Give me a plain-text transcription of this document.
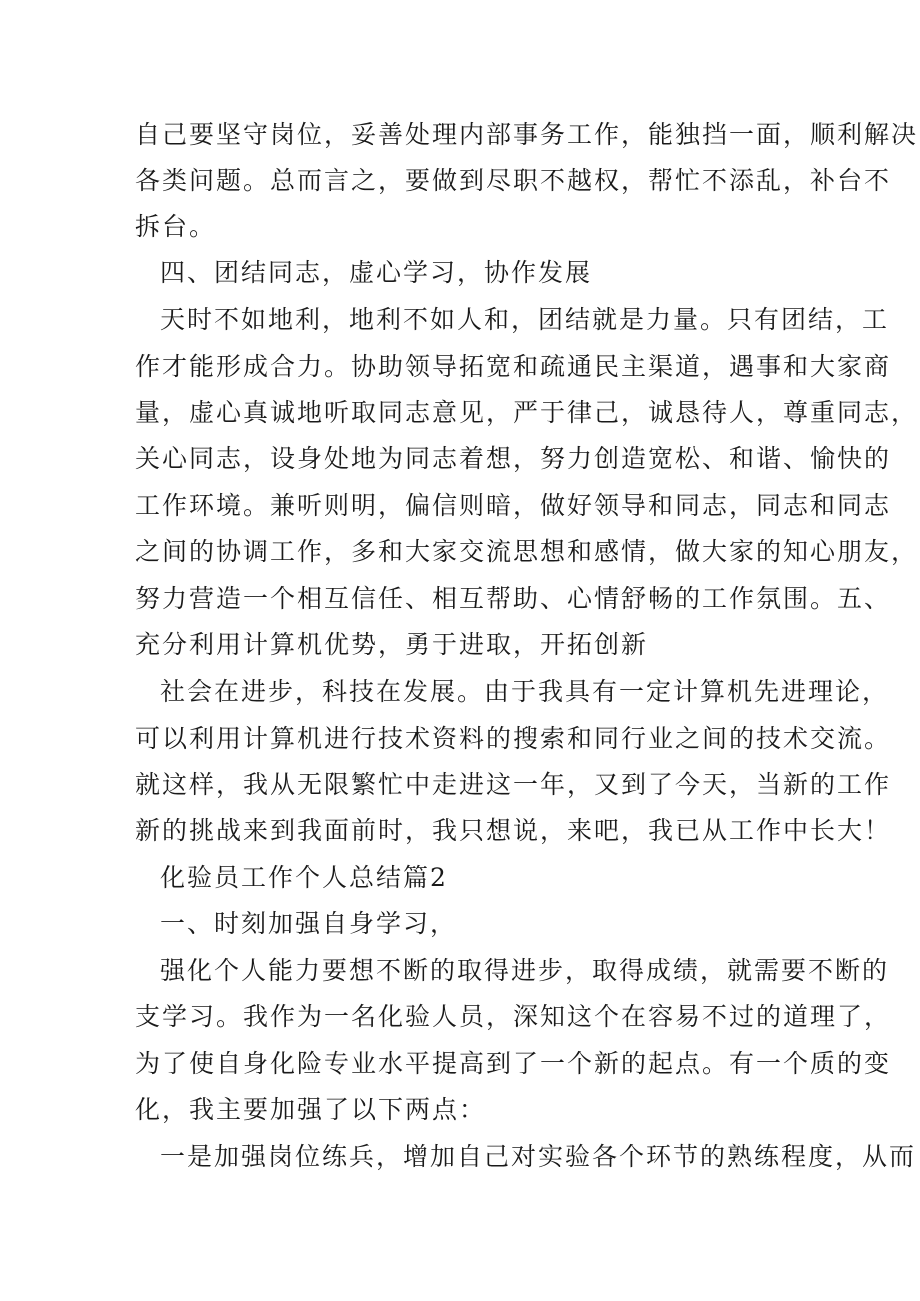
自己要坚守岗位，妥善处理内部事务工作，能独挡一面，顺利解决
各类问题。总而言之，要做到尽职不越权，帮忙不添乱，补台不
拆台。
四、团结同志，虚心学习，协作发展
天时不如地利，地利不如人和，团结就是力量。只有团结，工
作才能形成合力。协助领导拓宽和疏通民主渠道，遇事和大家商
量，虚心真诚地听取同志意见，严于律己，诚恳待人，尊重同志，
关心同志，设身处地为同志着想，努力创造宽松、和谐、愉快的
工作环境。兼听则明，偏信则暗，做好领导和同志，同志和同志
之间的协调工作，多和大家交流思想和感情，做大家的知心朋友，
努力营造一个相互信任、相互帮助、心情舒畅的工作氛围。五、
充分利用计算机优势，勇于进取，开拓创新
社会在进步，科技在发展。由于我具有一定计算机先进理论，
可以利用计算机进行技术资料的搜索和同行业之间的技术交流。
就这样，我从无限繁忙中走进这一年，又到了今天，当新的工作
新的挑战来到我面前时，我只想说，来吧，我已从工作中长大！
化验员工作个人总结篇2
一、时刻加强自身学习，
强化个人能力要想不断的取得进步，取得成绩，就需要不断的
支学习。我作为一名化验人员，深知这个在容易不过的道理了，
为了使自身化险专业水平提高到了一个新的起点。有一个质的变
化，我主要加强了以下两点：
一是加强岗位练兵，增加自己对实验各个环节的熟练程度，从而
